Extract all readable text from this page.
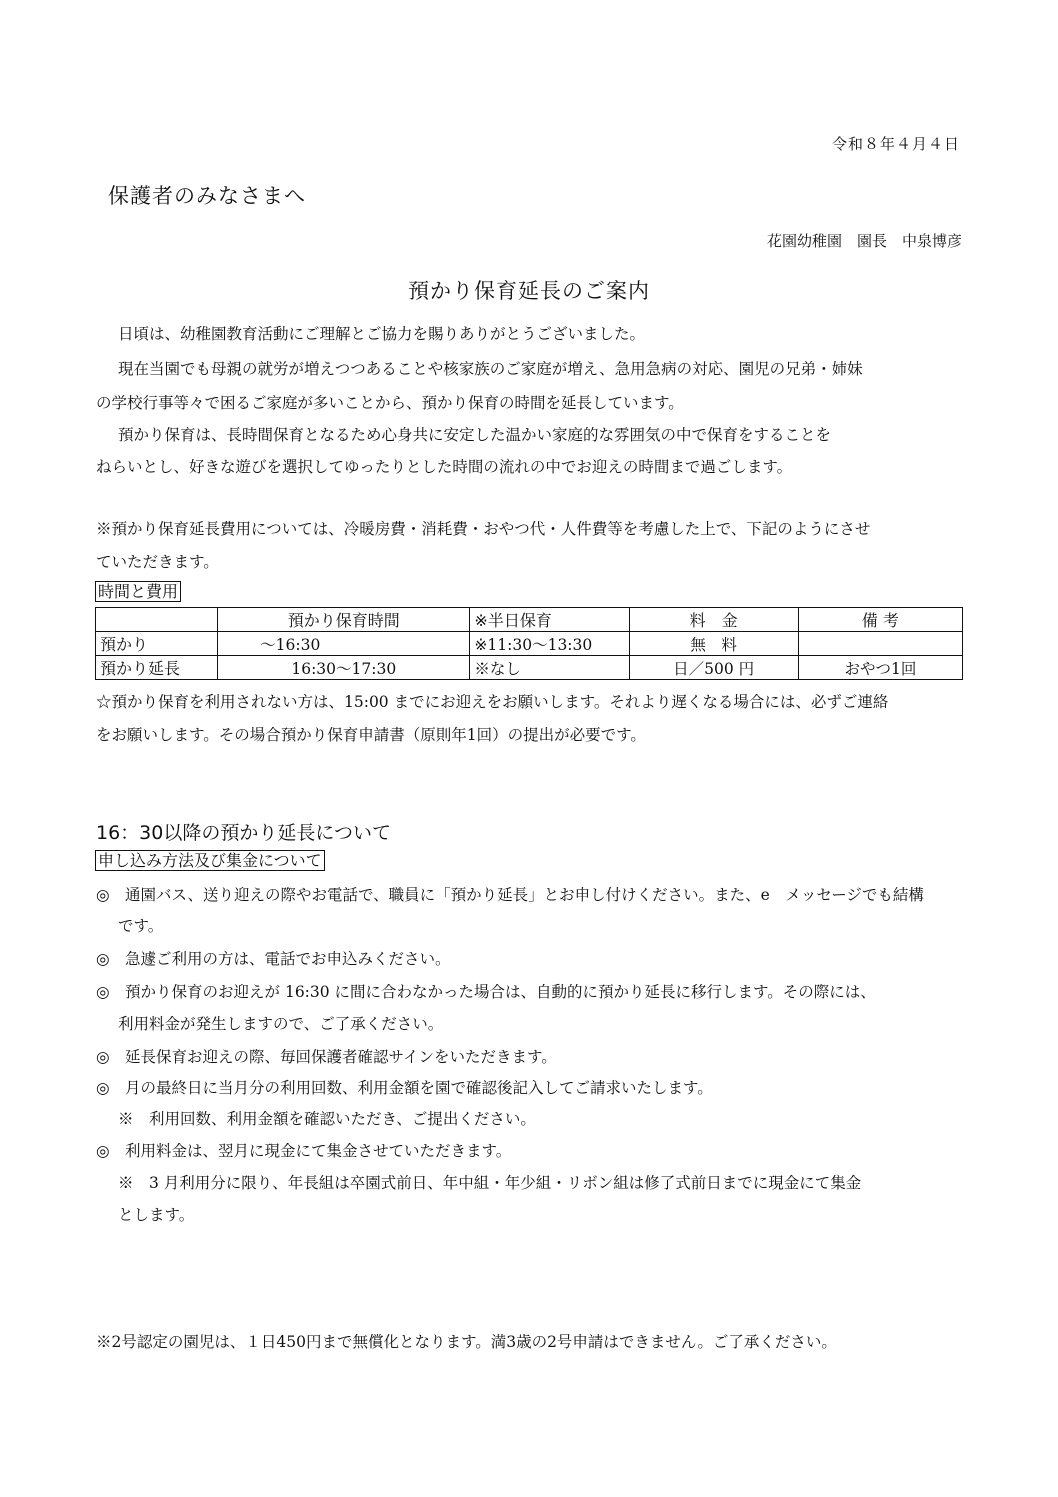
令和８年４月４日
保護者のみなさまへ
花園幼稚園　園長　中泉博彦
預かり保育延長のご案内
日頃は、幼稚園教育活動にご理解とご協力を賜りありがとうございました。
現在当園でも母親の就労が増えつつあることや核家族のご家庭が増え、急用急病の対応、園児の兄弟・姉妹
の学校行事等々で困るご家庭が多いことから、預かり保育の時間を延長しています。
預かり保育は、長時間保育となるため心身共に安定した温かい家庭的な雰囲気の中で保育をすることを
ねらいとし、好きな遊びを選択してゆったりとした時間の流れの中でお迎えの時間まで過ごします。
※預かり保育延長費用については、冷暖房費・消耗費・おやつ代・人件費等を考慮した上で、下記のようにさせ
ていただきます。
時間と費用
	預かり保育時間	※半日保育	料　金	備 考
預かり	〜16:30	※11:30〜13:30	無　料	
預かり延長	16:30〜17:30	※なし	日／500 円	おやつ1回
☆預かり保育を利用されない方は、15:00 までにお迎えをお願いします。それより遅くなる場合には、必ずご連絡
をお願いします。その場合預かり保育申請書（原則年1回）の提出が必要です。
16：30以降の預かり延長について
申し込み方法及び集金について
◎　通園バス、送り迎えの際やお電話で、職員に「預かり延長」とお申し付けください。また、e　メッセージでも結構
です。
◎　急遽ご利用の方は、電話でお申込みください。
◎　預かり保育のお迎えが 16:30 に間に合わなかった場合は、自動的に預かり延長に移行します。その際には、
利用料金が発生しますので、ご了承ください。
◎　延長保育お迎えの際、毎回保護者確認サインをいただきます。
◎　月の最終日に当月分の利用回数、利用金額を園で確認後記入してご請求いたします。
※　利用回数、利用金額を確認いただき、ご提出ください。
◎　利用料金は、翌月に現金にて集金させていただきます。
※　3 月利用分に限り、年長組は卒園式前日、年中組・年少組・リボン組は修了式前日までに現金にて集金
とします。
※2号認定の園児は、１日450円まで無償化となります。満3歳の2号申請はできません。ご了承ください。
